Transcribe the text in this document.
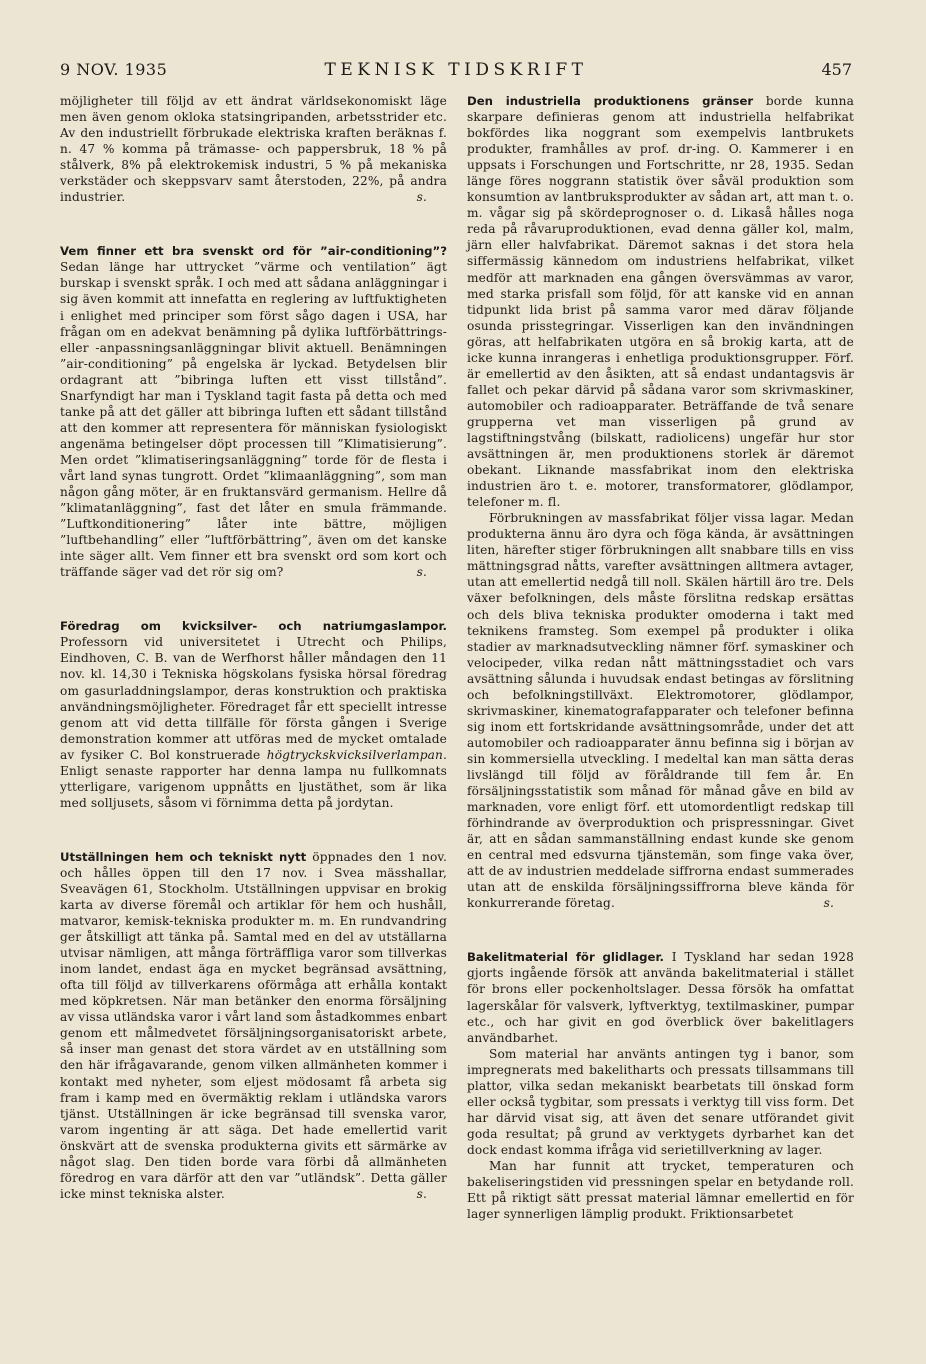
9 NOV. 1935	TEKNISK TIDSKRIFT	457

möjligheter till följd av ett ändrat världsekonomiskt läge men även genom okloka statsingripanden, arbetsstrider etc. Av den industriellt förbrukade elektriska kraften beräknas f. n. 47 % komma på trämasse- och pappersbruk, 18 % på stålverk, 8% på elektrokemisk industri, 5 % på mekaniska verkstäder och skeppsvarv samt återstoden, 22%, på andra industrier.	s.

Vem finner ett bra svenskt ord för ”air-conditioning”? Sedan länge har uttrycket ”värme och ventilation” ägt burskap i svenskt språk. I och med att sådana anläggningar i sig även kommit att innefatta en reglering av luftfuktigheten i enlighet med principer som först sågo dagen i USA, har frågan om en adekvat benämning på dylika luftförbättrings- eller -anpassningsanläggningar blivit aktuell. Benämningen ”air-conditioning” på engelska är lyckad. Betydelsen blir ordagrant att ”bibringa luften ett visst tillstånd”. Snarfyndigt har man i Tyskland tagit fasta på detta och med tanke på att det gäller att bibringa luften ett sådant tillstånd att den kommer att representera för människan fysiologiskt angenäma betingelser döpt processen till ”Klimatisierung”. Men ordet ”klimatiseringsanläggning” torde för de flesta i vårt land synas tungrott. Ordet ”klimaanläggning”, som man någon gång möter, är en fruktansvärd germanism. Hellre då ”klimatanläggning”, fast det låter en smula främmande. ”Luftkonditionering” låter inte bättre, möjligen ”luftbehandling” eller ”luftförbättring”, även om det kanske inte säger allt. Vem finner ett bra svenskt ord som kort och träffande säger vad det rör sig om?	s.

Föredrag om kvicksilver- och natriumgaslampor. Professorn vid universitetet i Utrecht och Philips, Eindhoven, C. B. van de Werfhorst håller måndagen den 11 nov. kl. 14,30 i Tekniska högskolans fysiska hörsal föredrag om gasurladdningslampor, deras konstruktion och praktiska användningsmöjligheter. Föredraget får ett speciellt intresse genom att vid detta tillfälle för första gången i Sverige demonstration kommer att utföras med de mycket omtalade av fysiker C. Bol konstruerade högtryckskvicksilverlampan. Enligt senaste rapporter har denna lampa nu fullkomnats ytterligare, varigenom uppnåtts en ljustäthet, som är lika med solljusets, såsom vi förnimma detta på jordytan.

Utställningen hem och tekniskt nytt öppnades den 1 nov. och hålles öppen till den 17 nov. i Svea mässhallar, Sveavägen 61, Stockholm. Utställningen uppvisar en brokig karta av diverse föremål och artiklar för hem och hushåll, matvaror, kemisk-tekniska produkter m. m. En rundvandring ger åtskilligt att tänka på. Samtal med en del av utställarna utvisar nämligen, att många förträffliga varor som tillverkas inom landet, endast äga en mycket begränsad avsättning, ofta till följd av tillverkarens oförmåga att erhålla kontakt med köpkretsen. När man betänker den enorma försäljning av vissa utländska varor i vårt land som åstadkommes enbart genom ett målmedvetet försäljningsorganisatoriskt arbete, så inser man genast det stora värdet av en utställning som den här ifrågavarande, genom vilken allmänheten kommer i kontakt med nyheter, som eljest mödosamt få arbeta sig fram i kamp med en övermäktig reklam i utländska varors tjänst. Utställningen är icke begränsad till svenska varor, varom ingenting är att säga. Det hade emellertid varit önskvärt att de svenska produkterna givits ett särmärke av något slag. Den tiden borde vara förbi då allmänheten föredrog en vara därför att den var ”utländsk”. Detta gäller icke minst tekniska alster.	s.

Den industriella produktionens gränser borde kunna skarpare definieras genom att industriella helfabrikat bokfördes lika noggrant som exempelvis lantbrukets produkter, framhålles av prof. dr-ing. O. Kammerer i en uppsats i Forschungen und Fortschritte, nr 28, 1935. Sedan länge föres noggrann statistik över såväl produktion som konsumtion av lantbruksprodukter av sådan art, att man t. o. m. vågar sig på skördeprognoser o. d. Likaså hålles noga reda på råvaruproduktionen, evad denna gäller kol, malm, järn eller halvfabrikat. Däremot saknas i det stora hela siffermässig kännedom om industriens helfabrikat, vilket medför att marknaden ena gången översvämmas av varor, med starka prisfall som följd, för att kanske vid en annan tidpunkt lida brist på samma varor med därav följande osunda prisstegringar. Visserligen kan den invändningen göras, att helfabrikaten utgöra en så brokig karta, att de icke kunna inrangeras i enhetliga produktionsgrupper. Förf. är emellertid av den åsikten, att så endast undantagsvis är fallet och pekar därvid på sådana varor som skrivmaskiner, automobiler och radioapparater. Beträffande de två senare grupperna vet man visserligen på grund av lagstiftningstvång (bilskatt, radiolicens) ungefär hur stor avsättningen är, men produktionens storlek är däremot obekant. Liknande massfabrikat inom den elektriska industrien äro t. e. motorer, transformatorer, glödlampor, telefoner m. fl.

Förbrukningen av massfabrikat följer vissa lagar. Medan produkterna ännu äro dyra och föga kända, är avsättningen liten, härefter stiger förbrukningen allt snabbare tills en viss mättningsgrad nåtts, varefter avsättningen alltmera avtager, utan att emellertid nedgå till noll. Skälen härtill äro tre. Dels växer befolkningen, dels måste förslitna redskap ersättas och dels bliva tekniska produkter omoderna i takt med teknikens framsteg. Som exempel på produkter i olika stadier av marknadsutveckling nämner förf. symaskiner och velocipeder, vilka redan nått mättningsstadiet och vars avsättning sålunda i huvudsak endast betingas av förslitning och befolkningstillväxt. Elektromotorer, glödlampor, skrivmaskiner, kinematografapparater och telefoner befinna sig inom ett fortskridande avsättningsområde, under det att automobiler och radioapparater ännu befinna sig i början av sin kommersiella utveckling. I medeltal kan man sätta deras livslängd till följd av föråldrande till fem år. En försäljningsstatistik som månad för månad gåve en bild av marknaden, vore enligt förf. ett utomordentligt redskap till förhindrande av överproduktion och prispressningar. Givet är, att en sådan sammanställning endast kunde ske genom en central med edsvurna tjänstemän, som finge vaka över, att de av industrien meddelade siffrorna endast summerades utan att de enskilda försäljningssiffrorna bleve kända för konkurrerande företag.	s.

Bakelitmaterial för glidlager. I Tyskland har sedan 1928 gjorts ingående försök att använda bakelitmaterial i stället för brons eller pockenholtslager. Dessa försök ha omfattat lagerskålar för valsverk, lyftverktyg, textilmaskiner, pumpar etc., och har givit en god överblick över bakelitlagers användbarhet.

Som material har använts antingen tyg i banor, som impregnerats med bakelitharts och pressats tillsammans till plattor, vilka sedan mekaniskt bearbetats till önskad form eller också tygbitar, som pressats i verktyg till viss form. Det har därvid visat sig, att även det senare utförandet givit goda resultat; på grund av verktygets dyrbarhet kan det dock endast komma ifråga vid serietillverkning av lager.

Man har funnit att trycket, temperaturen och bakeliseringstiden vid pressningen spelar en betydande roll. Ett på riktigt sätt pressat material lämnar emellertid en för lager synnerligen lämplig produkt. Friktionsarbetet
